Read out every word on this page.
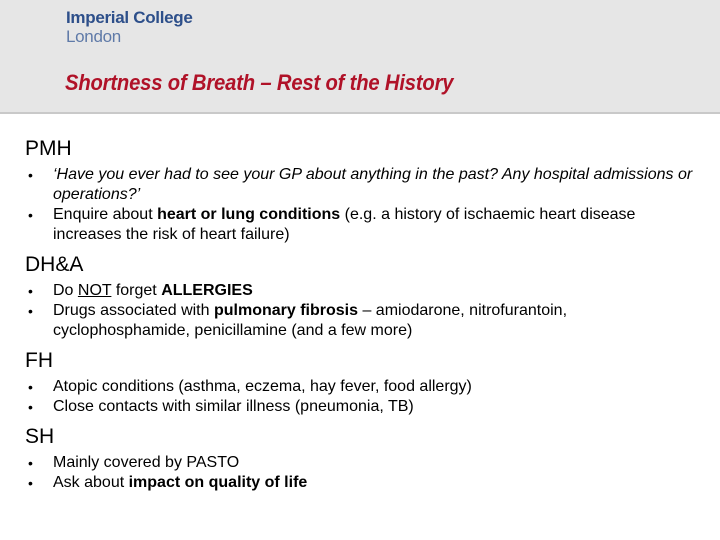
Imperial College
London
Shortness of Breath – Rest of the History
PMH
• ‘Have you ever had to see your GP about anything in the past? Any hospital admissions or operations?’
• Enquire about heart or lung conditions (e.g. a history of ischaemic heart disease increases the risk of heart failure)
DH&A
• Do NOT forget ALLERGIES
• Drugs associated with pulmonary fibrosis – amiodarone, nitrofurantoin, cyclophosphamide, penicillamine (and a few more)
FH
• Atopic conditions (asthma, eczema, hay fever, food allergy)
• Close contacts with similar illness (pneumonia, TB)
SH
• Mainly covered by PASTO
• Ask about impact on quality of life
